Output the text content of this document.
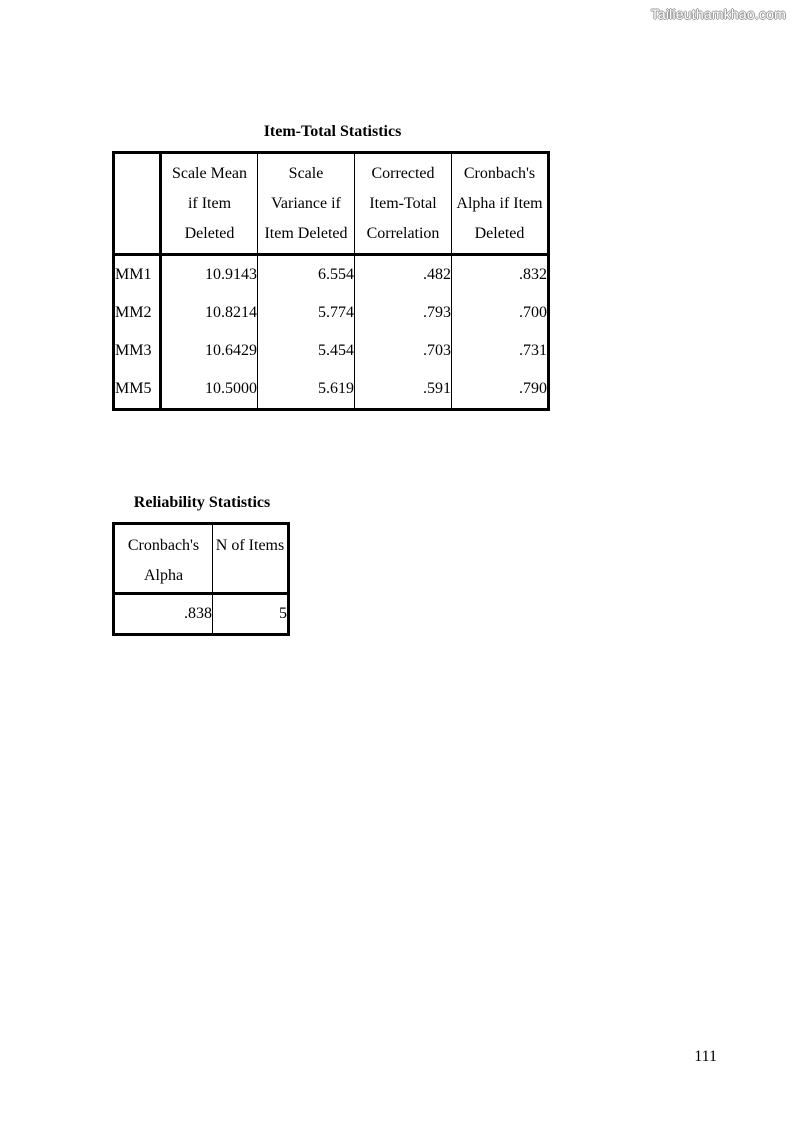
Tailieuthamkhao.com
Item-Total Statistics

	Scale Mean
if Item
Deleted	Scale
Variance if
Item Deleted	Corrected
Item-Total
Correlation	Cronbach's
Alpha if Item
Deleted

MM1	10.9143	6.554	.482	.832
MM2	10.8214	5.774	.793	.700
MM3	10.6429	5.454	.703	.731
MM5	10.5000	5.619	.591	.790
Reliability Statistics
Cronbach's
Alpha	N of Items

.838	5
111
